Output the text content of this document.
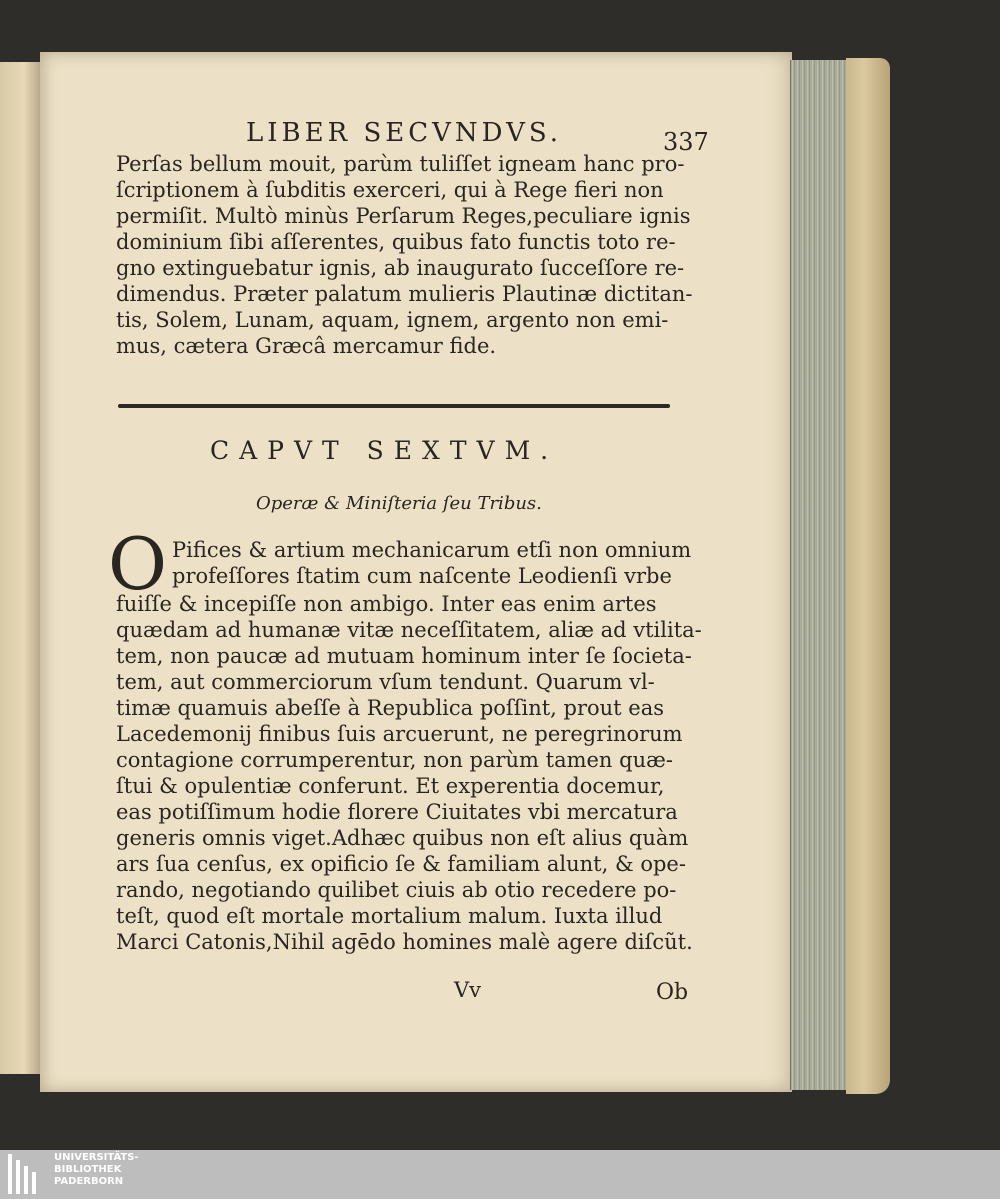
LIBER SECVNDVS.	337
Perſas bellum mouit, parùm tuliſſet igneam hanc pro-
ſcriptionem à ſubditis exerceri, qui à Rege fieri non
permiſit. Multò minùs Perſarum Reges,peculiare ignis
dominium ſibi aſſerentes, quibus fato functis toto re-
gno extinguebatur ignis, ab inaugurato ſucceſſore re-
dimendus. Præter palatum mulieris Plautinæ dictitan-
tis, Solem, Lunam, aquam, ignem, argento non emi-
mus, cætera Græcâ mercamur fide.
CAPVT SEXTVM.
Operæ & Miniſteria ſeu Tribus.
O Pifices & artium mechanicarum etſi non omnium
profeſſores ſtatim cum naſcente Leodienſi vrbe
fuiſſe & incepiſſe non ambigo. Inter eas enim artes
quædam ad humanæ vitæ neceſſitatem, aliæ ad vtilita-
tem, non paucæ ad mutuam hominum inter ſe ſocieta-
tem, aut commerciorum vſum tendunt. Quarum vl-
timæ quamuis abeſſe à Republica poſſint, prout eas
Lacedemonij finibus ſuis arcuerunt, ne peregrinorum
contagione corrumperentur, non parùm tamen quæ-
ſtui & opulentiæ conferunt. Et experentia docemur,
eas potiſſimum hodie florere Ciuitates vbi mercatura
generis omnis viget.Adhæc quibus non eſt alius quàm
ars ſua cenſus, ex opificio ſe & familiam alunt, & ope-
rando, negotiando quilibet ciuis ab otio recedere po-
teſt, quod eſt mortale mortalium malum. Iuxta illud
Marci Catonis,Nihil agēdo homines malè agere diſcũt.
Vv	Ob
UNIVERSITÄTS-
BIBLIOTHEK
PADERBORN
